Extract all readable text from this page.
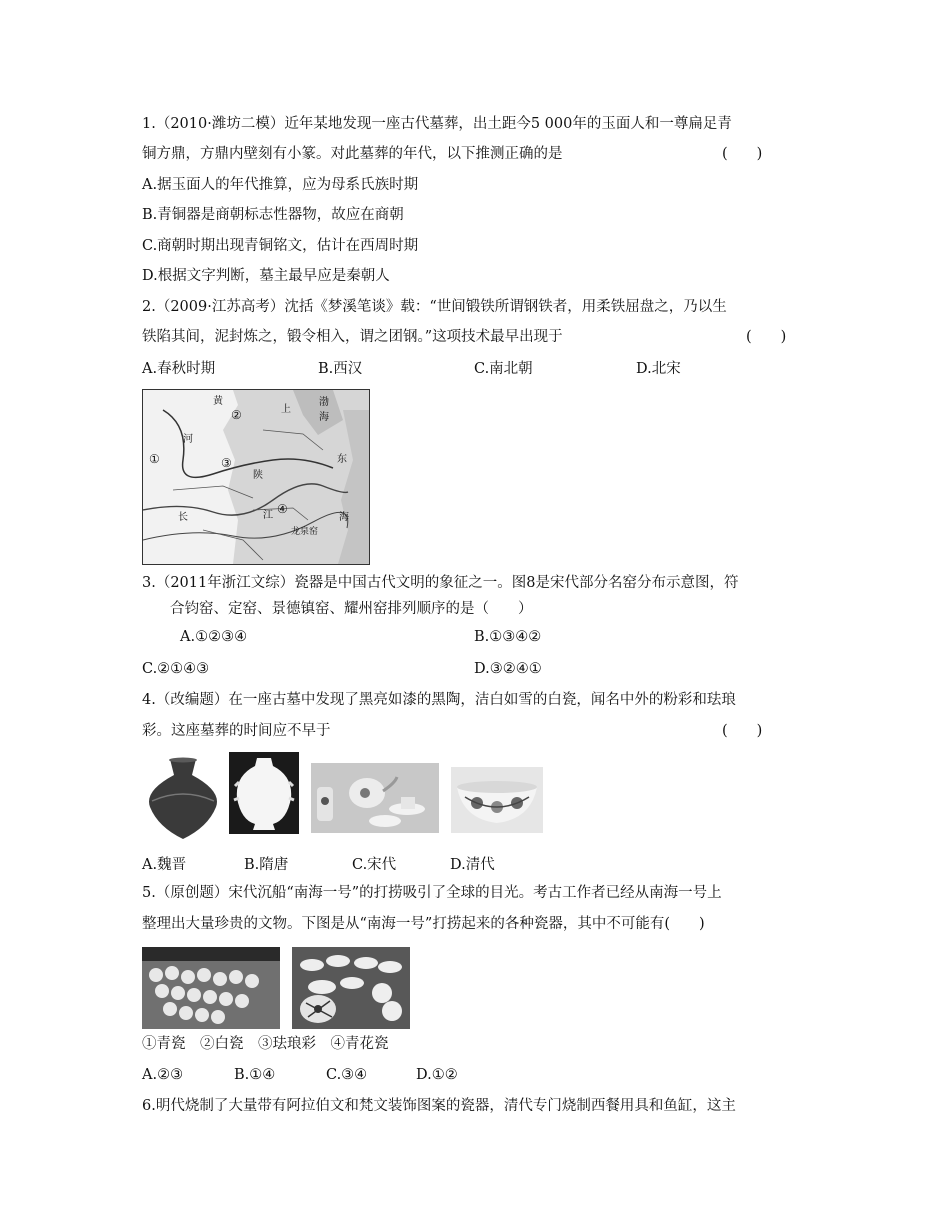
1.（2010·潍坊二模）近年某地发现一座古代墓葬，出土距今5 000年的玉面人和一尊扁足青
铜方鼎，方鼎内壁刻有小篆。对此墓葬的年代，以下推测正确的是	(　　)
A.据玉面人的年代推算，应为母系氏族时期
B.青铜器是商朝标志性器物，故应在商朝
C.商朝时期出现青铜铭文，估计在西周时期
D.根据文字判断，墓主最早应是秦朝人
2.（2009·江苏高考）沈括《梦溪笔谈》载：“世间锻铁所谓钢铁者，用柔铁屈盘之，乃以生
铁陷其间，泥封炼之，锻令相入，谓之团钢。”这项技术最早出现于	(　　)
A.春秋时期	B.西汉	C.南北朝	D.北宋
渤
海
上
东
河
黄
长	江	海
陕
②
①	③
④
龙泉窑
3.（2011年浙江文综）瓷器是中国古代文明的象征之一。图8是宋代部分名窑分布示意图，符
合钧窑、定窑、景德镇窑、耀州窑排列顺序的是（　　）
A.①②③④	B.①③④②
C.②①④③	D.③②④①
4.（改编题）在一座古墓中发现了黑亮如漆的黑陶，洁白如雪的白瓷，闻名中外的粉彩和珐琅
彩。这座墓葬的时间应不早于	(　　)
A.魏晋	B.隋唐	C.宋代	D.清代
5.（原创题）宋代沉船“南海一号”的打捞吸引了全球的目光。考古工作者已经从南海一号上
整理出大量珍贵的文物。下图是从“南海一号”打捞起来的各种瓷器，其中不可能有(　　)
①青瓷　②白瓷　③珐琅彩　④青花瓷
A.②③	B.①④	C.③④	D.①②
6.明代烧制了大量带有阿拉伯文和梵文装饰图案的瓷器，清代专门烧制西餐用具和鱼缸，这主
